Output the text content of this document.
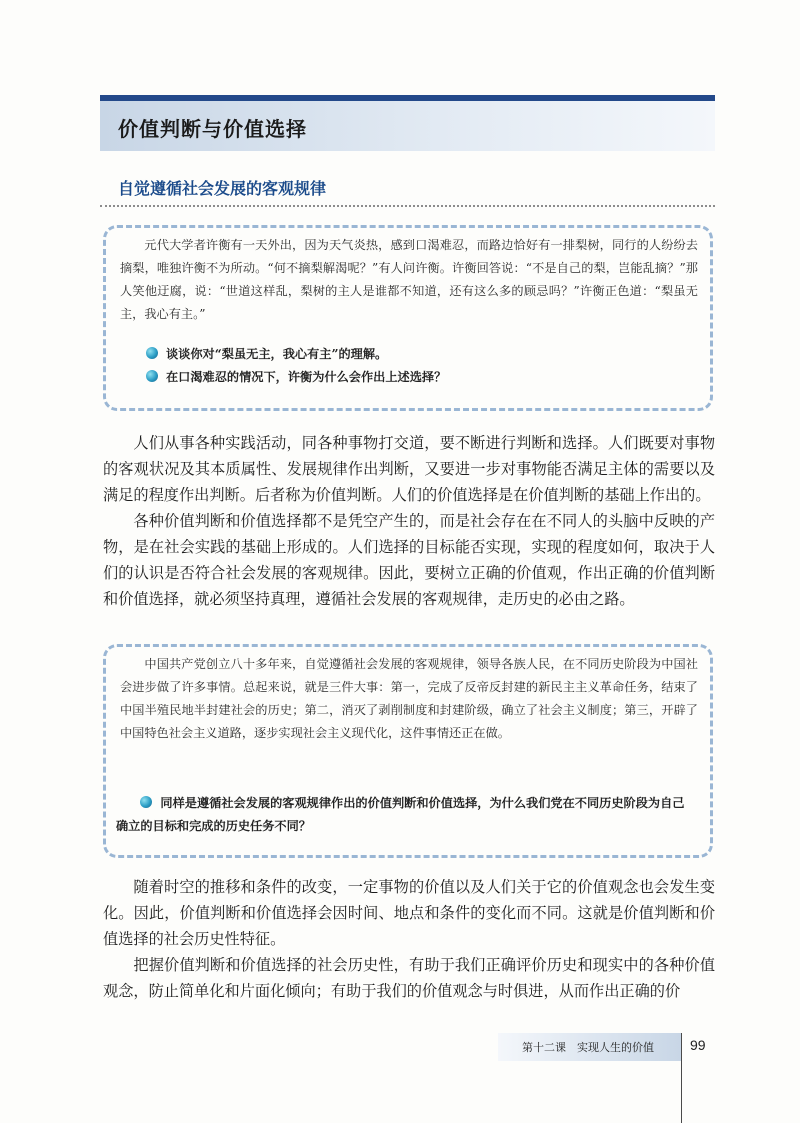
价值判断与价值选择
自觉遵循社会发展的客观规律

元代大学者许衡有一天外出，因为天气炎热，感到口渴难忍，而路边恰好有一排梨树，同行的人纷纷去摘梨，唯独许衡不为所动。“何不摘梨解渴呢？”有人问许衡。许衡回答说：“不是自己的梨，岂能乱摘？”那人笑他迂腐，说：“世道这样乱，梨树的主人是谁都不知道，还有这么多的顾忌吗？”许衡正色道：“梨虽无主，我心有主。”

谈谈你对“梨虽无主，我心有主”的理解。

在口渴难忍的情况下，许衡为什么会作出上述选择？

人们从事各种实践活动，同各种事物打交道，要不断进行判断和选择。人们既要对事物的客观状况及其本质属性、发展规律作出判断，又要进一步对事物能否满足主体的需要以及满足的程度作出判断。后者称为价值判断。人们的价值选择是在价值判断的基础上作出的。

各种价值判断和价值选择都不是凭空产生的，而是社会存在在不同人的头脑中反映的产物，是在社会实践的基础上形成的。人们选择的目标能否实现，实现的程度如何，取决于人们的认识是否符合社会发展的客观规律。因此，要树立正确的价值观，作出正确的价值判断和价值选择，就必须坚持真理，遵循社会发展的客观规律，走历史的必由之路。

中国共产党创立八十多年来，自觉遵循社会发展的客观规律，领导各族人民，在不同历史阶段为中国社会进步做了许多事情。总起来说，就是三件大事：第一，完成了反帝反封建的新民主主义革命任务，结束了中国半殖民地半封建社会的历史；第二，消灭了剥削制度和封建阶级，确立了社会主义制度；第三，开辟了中国特色社会主义道路，逐步实现社会主义现代化，这件事情还正在做。

同样是遵循社会发展的客观规律作出的价值判断和价值选择，为什么我们党在不同历史阶段为自己确立的目标和完成的历史任务不同？

随着时空的推移和条件的改变，一定事物的价值以及人们关于它的价值观念也会发生变化。因此，价值判断和价值选择会因时间、地点和条件的变化而不同。这就是价值判断和价值选择的社会历史性特征。

把握价值判断和价值选择的社会历史性，有助于我们正确评价历史和现实中的各种价值观念，防止简单化和片面化倾向；有助于我们的价值观念与时俱进，从而作出正确的价

第十二课　实现人生的价值	99
